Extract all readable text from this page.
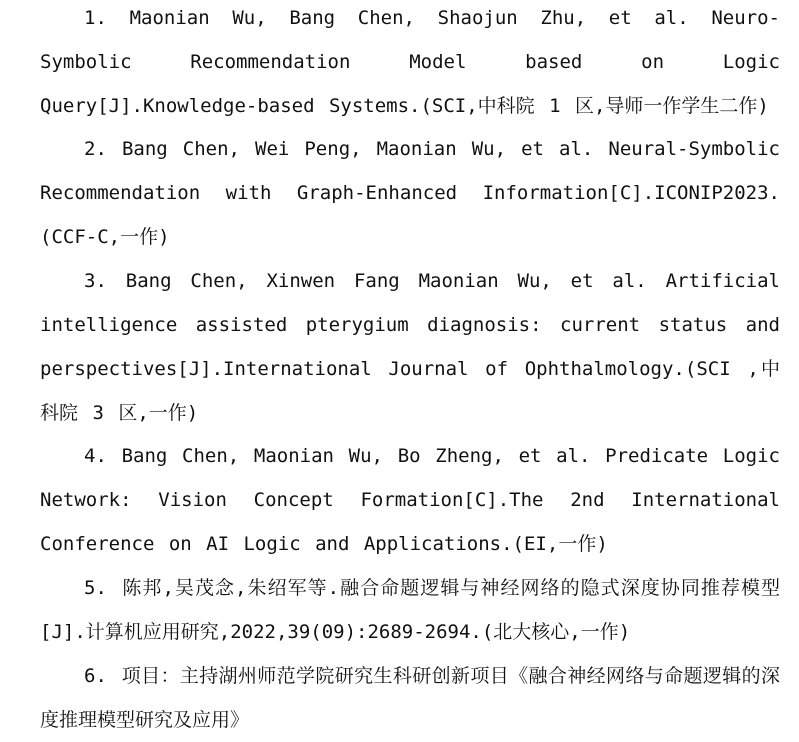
1. Maonian Wu, Bang Chen, Shaojun Zhu, et al. Neuro-Symbolic Recommendation Model based on Logic Query[J].Knowledge-based Systems.(SCI,中科院 1 区,导师一作学生二作)

2. Bang Chen, Wei Peng, Maonian Wu, et al. Neural-Symbolic Recommendation with Graph-Enhanced Information[C].ICONIP2023.(CCF-C,一作)

3. Bang Chen, Xinwen Fang Maonian Wu, et al. Artificial intelligence assisted pterygium diagnosis: current status and perspectives[J].International Journal of Ophthalmology.(SCI ,中科院 3 区,一作)

4. Bang Chen, Maonian Wu, Bo Zheng, et al. Predicate Logic Network: Vision Concept Formation[C].The 2nd International Conference on AI Logic and Applications.(EI,一作)

5. 陈邦,吴茂念,朱绍军等.融合命题逻辑与神经网络的隐式深度协同推荐模型[J].计算机应用研究,2022,39(09):2689-2694.(北大核心,一作)

6. 项目：主持湖州师范学院研究生科研创新项目《融合神经网络与命题逻辑的深度推理模型研究及应用》
